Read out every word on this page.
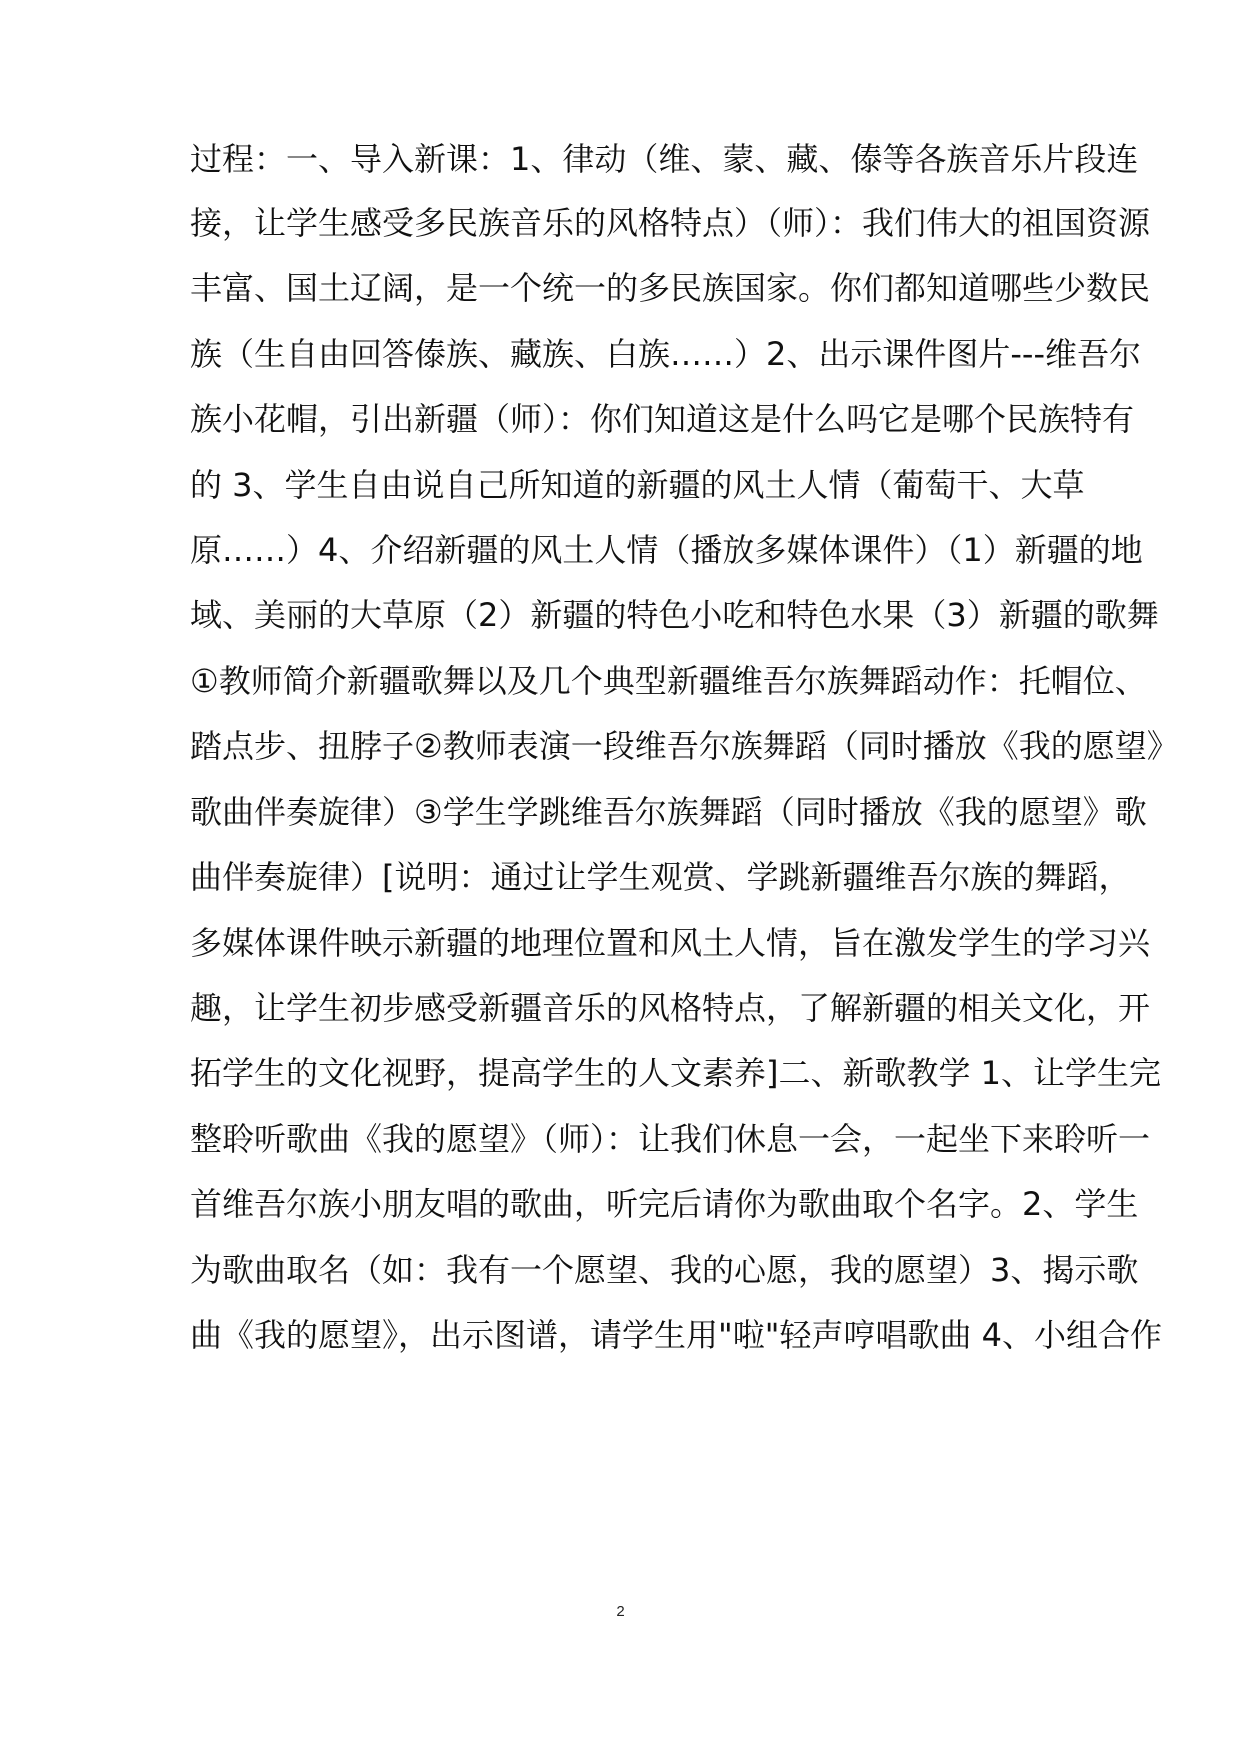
过程：一、导入新课：1、律动（维、蒙、藏、傣等各族音乐片段连
接，让学生感受多民族音乐的风格特点）（师）：我们伟大的祖国资源
丰富、国土辽阔，是一个统一的多民族国家。你们都知道哪些少数民
族（生自由回答傣族、藏族、白族……）2、出示课件图片---维吾尔
族小花帽，引出新疆（师）：你们知道这是什么吗它是哪个民族特有
的 3、学生自由说自己所知道的新疆的风土人情（葡萄干、大草
原……）4、介绍新疆的风土人情（播放多媒体课件）（1）新疆的地
域、美丽的大草原（2）新疆的特色小吃和特色水果（3）新疆的歌舞
①教师简介新疆歌舞以及几个典型新疆维吾尔族舞蹈动作：托帽位、
踏点步、扭脖子②教师表演一段维吾尔族舞蹈（同时播放《我的愿望》
歌曲伴奏旋律）③学生学跳维吾尔族舞蹈（同时播放《我的愿望》歌
曲伴奏旋律）[说明：通过让学生观赏、学跳新疆维吾尔族的舞蹈，
多媒体课件映示新疆的地理位置和风土人情，旨在激发学生的学习兴
趣，让学生初步感受新疆音乐的风格特点，了解新疆的相关文化，开
拓学生的文化视野，提高学生的人文素养]二、新歌教学 1、让学生完
整聆听歌曲《我的愿望》（师）：让我们休息一会，一起坐下来聆听一
首维吾尔族小朋友唱的歌曲，听完后请你为歌曲取个名字。2、学生
为歌曲取名（如：我有一个愿望、我的心愿，我的愿望）3、揭示歌
曲《我的愿望》，出示图谱，请学生用"啦"轻声哼唱歌曲 4、小组合作
2
